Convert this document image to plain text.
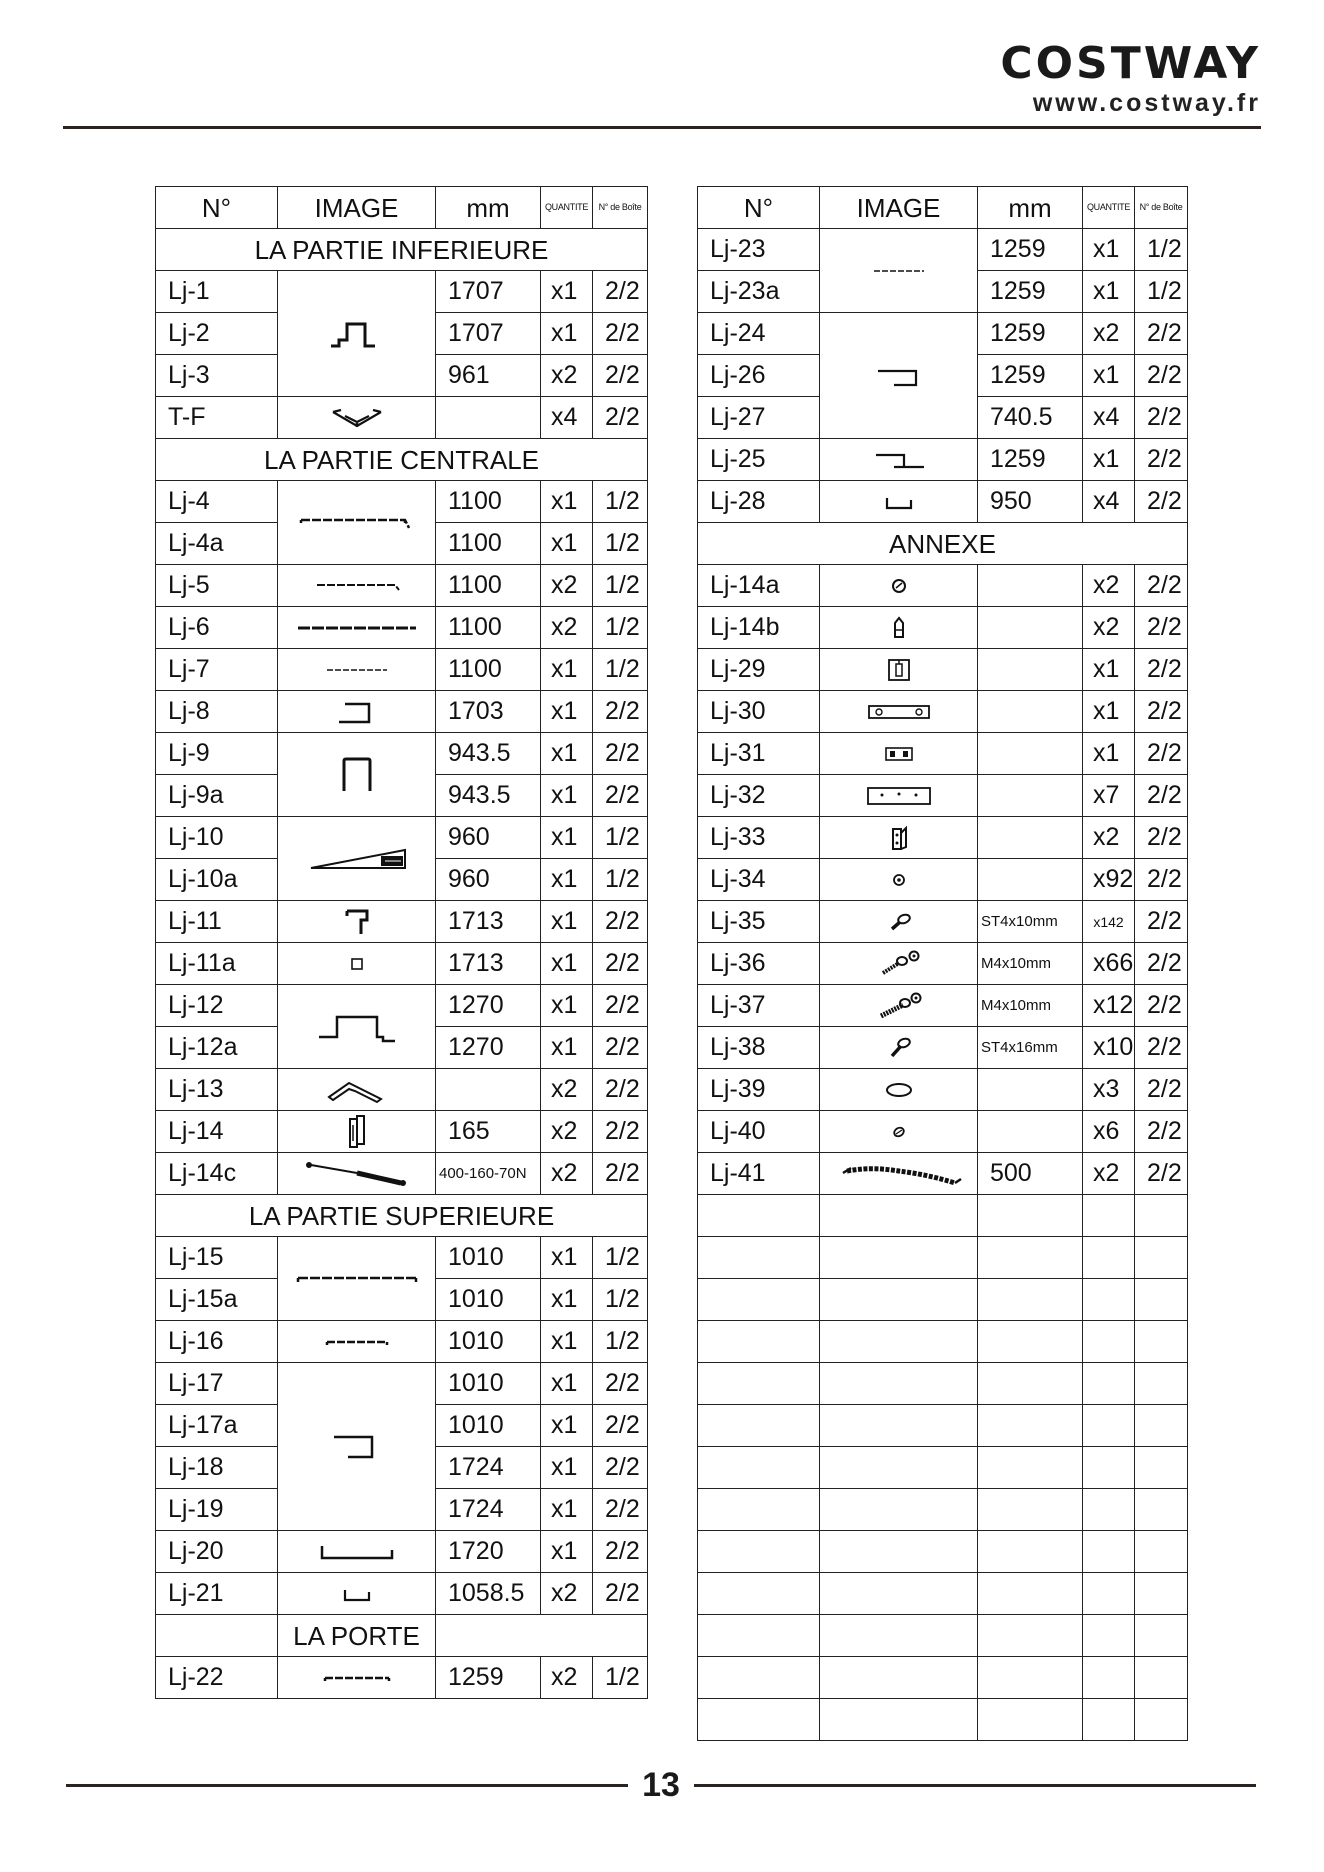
COSTWAY
www.costway.fr
N°	IMAGE	mm	QUANTITE	N° de Boîte
LA PARTIE INFERIEURE				
Lj-1		1707	x1	2/2
Lj-2		1707	x1	2/2
Lj-3		961	x2	2/2
T-F			x4	2/2
LA PARTIE CENTRALE				
Lj-4		1100	x1	1/2
Lj-4a		1100	x1	1/2
Lj-5		1100	x2	1/2
Lj-6		1100	x2	1/2
Lj-7		1100	x1	1/2
Lj-8		1703	x1	2/2
Lj-9		943.5	x1	2/2
Lj-9a		943.5	x1	2/2
Lj-10		960	x1	1/2
Lj-10a		960	x1	1/2
Lj-11		1713	x1	2/2
Lj-11a		1713	x1	2/2
Lj-12		1270	x1	2/2
Lj-12a		1270	x1	2/2
Lj-13			x2	2/2
Lj-14		165	x2	2/2
Lj-14c		400-160-70N	x2	2/2
LA PARTIE SUPERIEURE				
Lj-15		1010	x1	1/2
Lj-15a		1010	x1	1/2
Lj-16		1010	x1	1/2
Lj-17		1010	x1	2/2
Lj-17a		1010	x1	2/2
Lj-18		1724	x1	2/2
Lj-19		1724	x1	2/2
Lj-20		1720	x1	2/2
Lj-21		1058.5	x2	2/2
	LA PORTE			
Lj-22		1259	x2	1/2
N°	IMAGE	mm	QUANTITE	N° de Boîte
Lj-23		1259	x1	1/2
Lj-23a		1259	x1	1/2
Lj-24		1259	x2	2/2
Lj-26		1259	x1	2/2
Lj-27		740.5	x4	2/2
Lj-25		1259	x1	2/2
Lj-28		950	x4	2/2
ANNEXE				
Lj-14a			x2	2/2
Lj-14b			x2	2/2
Lj-29			x1	2/2
Lj-30			x1	2/2
Lj-31			x1	2/2
Lj-32			x7	2/2
Lj-33			x2	2/2
Lj-34			x92	2/2
Lj-35		ST4x10mm	x142	2/2
Lj-36		M4x10mm	x66	2/2
Lj-37		M4x10mm	x12	2/2
Lj-38		ST4x16mm	x10	2/2
Lj-39			x3	2/2
Lj-40			x6	2/2
Lj-41		500	x2	2/2

13
